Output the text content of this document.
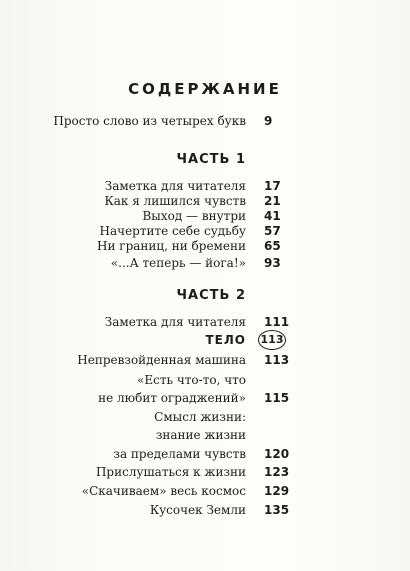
СОДЕРЖАНИЕ
Просто слово из четырех букв 9
ЧАСТЬ 1
Заметка для читателя 17
Как я лишился чувств 21
Выход — внутри 41
Начертите себе судьбу 57
Ни границ, ни бремени 65
«...А теперь — йога!» 93
ЧАСТЬ 2
Заметка для читателя 111
ТЕЛО 113
Непревзойденная машина 113
«Есть что-то, что
не любит ограджений» 115
Смысл жизни:
знание жизни
за пределами чувств 120
Прислушаться к жизни 123
«Скачиваем» весь космос 129
Кусочек Земли 135
